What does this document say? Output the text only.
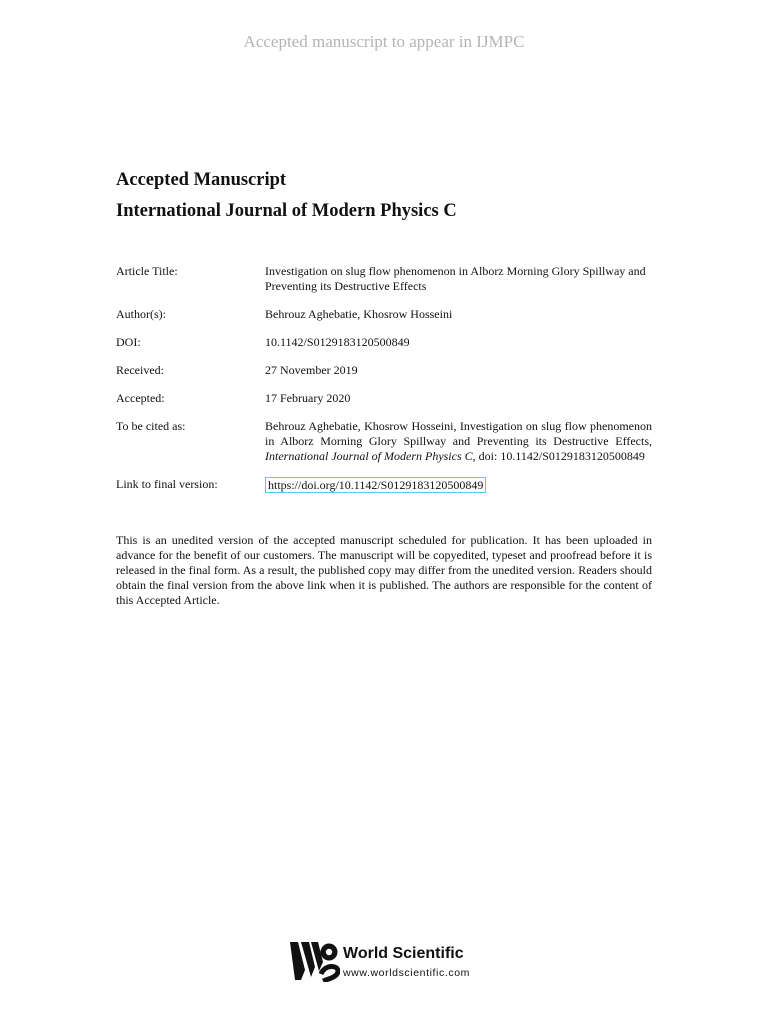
Accepted manuscript to appear in IJMPC
Accepted Manuscript
International Journal of Modern Physics C
Article Title:	Investigation on slug flow phenomenon in Alborz Morning Glory Spillway and Preventing its Destructive Effects
Author(s):	Behrouz Aghebatie, Khosrow Hosseini
DOI:	10.1142/S0129183120500849
Received:	27 November 2019
Accepted:	17 February 2020
To be cited as:	Behrouz Aghebatie, Khosrow Hosseini, Investigation on slug flow phenomenon in Alborz Morning Glory Spillway and Preventing its Destructive Effects, International Journal of Modern Physics C, doi: 10.1142/S0129183120500849
Link to final version:	https://doi.org/10.1142/S0129183120500849
This is an unedited version of the accepted manuscript scheduled for publication. It has been uploaded in advance for the benefit of our customers. The manuscript will be copyedited, typeset and proofread before it is released in the final form. As a result, the published copy may differ from the unedited version. Readers should obtain the final version from the above link when it is published. The authors are responsible for the content of this Accepted Article.
World Scientific
www.worldscientific.com
